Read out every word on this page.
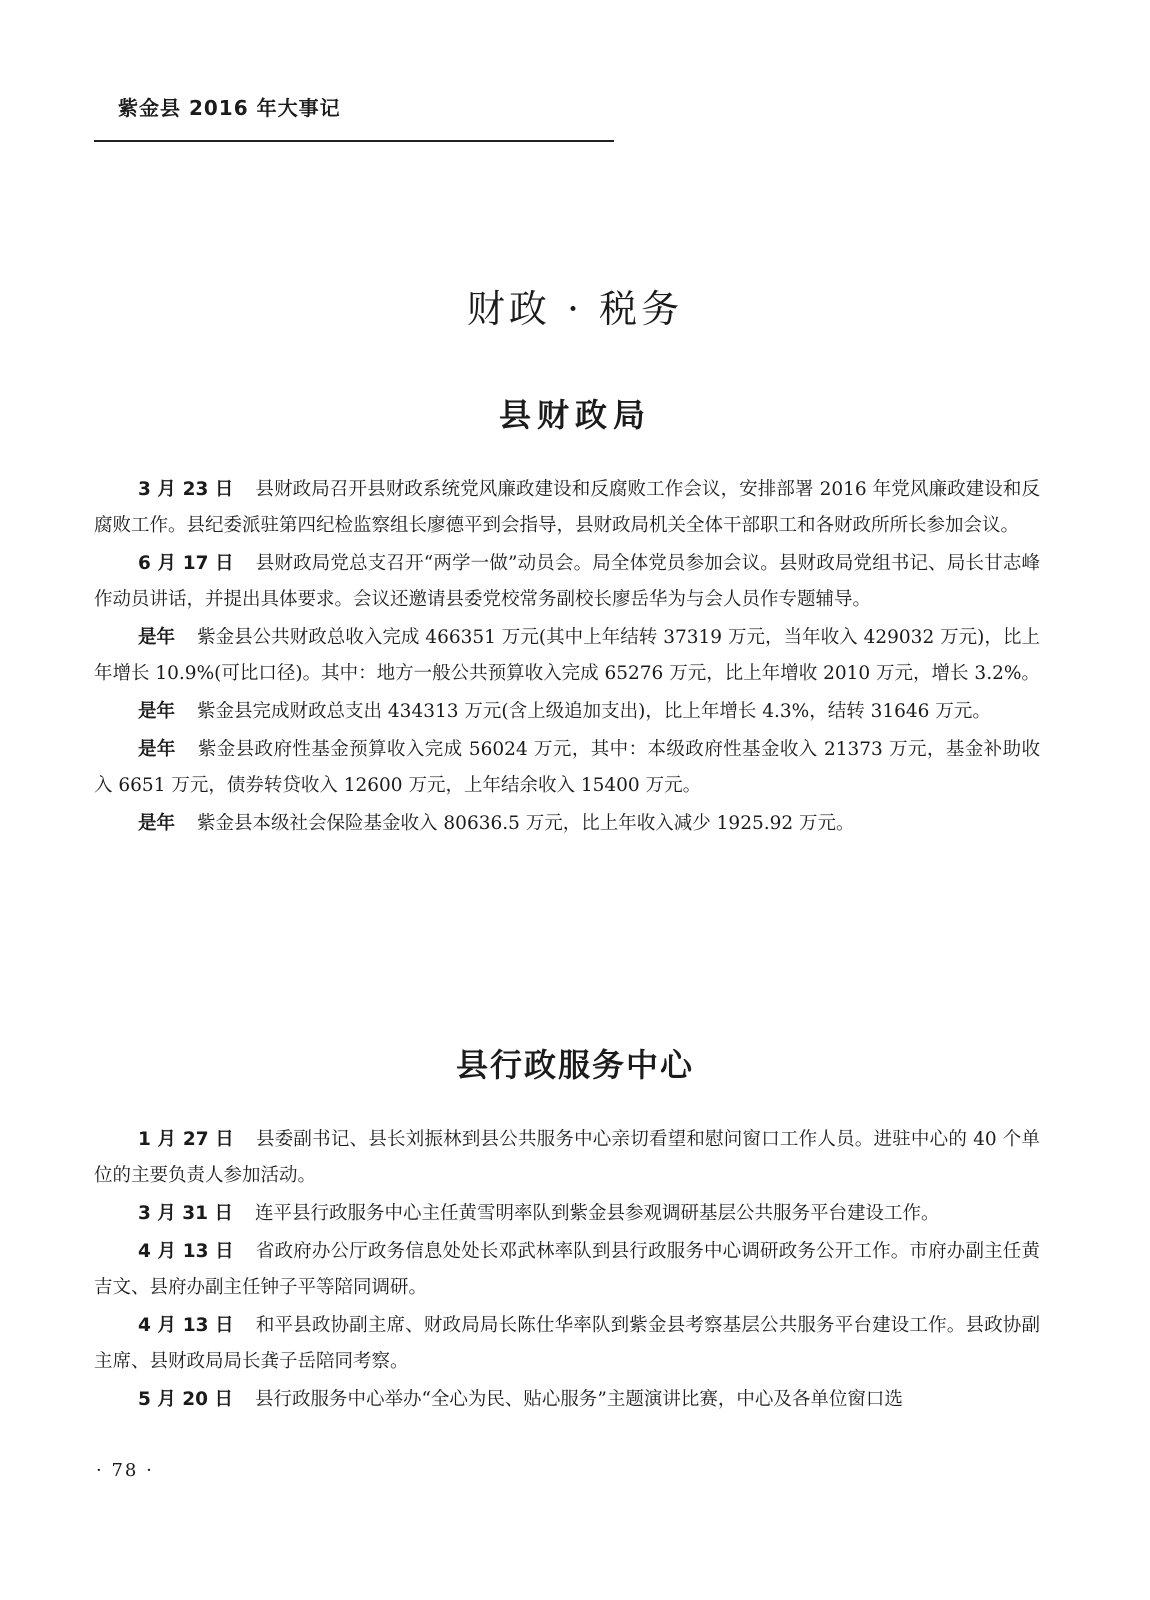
紫金县 2016 年大事记
财政 · 税务
县财政局

3 月 23 日 县财政局召开县财政系统党风廉政建设和反腐败工作会议，安排部署 2016 年党风廉政建设和反腐败工作。县纪委派驻第四纪检监察组长廖德平到会指导，县财政局机关全体干部职工和各财政所所长参加会议。

6 月 17 日 县财政局党总支召开“两学一做”动员会。局全体党员参加会议。县财政局党组书记、局长甘志峰作动员讲话，并提出具体要求。会议还邀请县委党校常务副校长廖岳华为与会人员作专题辅导。

是年 紫金县公共财政总收入完成 466351 万元(其中上年结转 37319 万元，当年收入 429032 万元)，比上年增长 10.9%(可比口径)。其中：地方一般公共预算收入完成 65276 万元，比上年增收 2010 万元，增长 3.2%。

是年 紫金县完成财政总支出 434313 万元(含上级追加支出)，比上年增长 4.3%，结转 31646 万元。

是年 紫金县政府性基金预算收入完成 56024 万元，其中：本级政府性基金收入 21373 万元，基金补助收入 6651 万元，债券转贷收入 12600 万元，上年结余收入 15400 万元。

是年 紫金县本级社会保险基金收入 80636.5 万元，比上年收入减少 1925.92 万元。

县行政服务中心

1 月 27 日 县委副书记、县长刘振林到县公共服务中心亲切看望和慰问窗口工作人员。进驻中心的 40 个单位的主要负责人参加活动。

3 月 31 日 连平县行政服务中心主任黄雪明率队到紫金县参观调研基层公共服务平台建设工作。

4 月 13 日 省政府办公厅政务信息处处长邓武林率队到县行政服务中心调研政务公开工作。市府办副主任黄吉文、县府办副主任钟子平等陪同调研。

4 月 13 日 和平县政协副主席、财政局局长陈仕华率队到紫金县考察基层公共服务平台建设工作。县政协副主席、县财政局局长龚子岳陪同考察。

5 月 20 日 县行政服务中心举办“全心为民、贴心服务”主题演讲比赛，中心及各单位窗口选

· 78 ·
